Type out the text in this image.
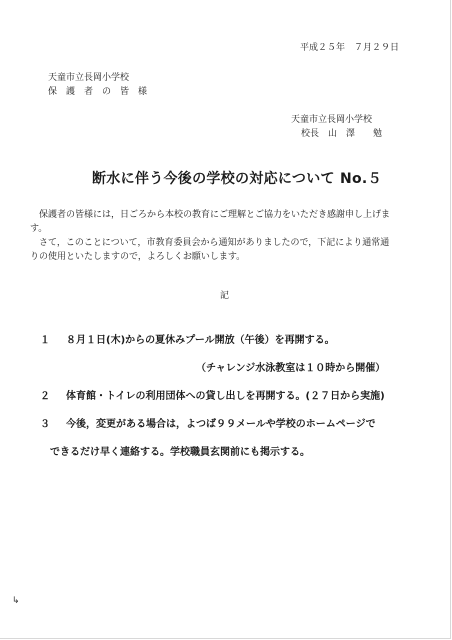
平成２５年　７月２９日
天童市立長岡小学校
保　護　者　の　皆　様
天童市立長岡小学校
校長　山　澤　　勉
断水に伴う今後の学校の対応について No.５
　保護者の皆様には，日ごろから本校の教育にご理解とご協力をいただき感謝申し上げま
す。
　さて，このことについて，市教育委員会から通知がありましたので，下記により通常通
りの使用といたしますので，よろしくお願いします。
記
１ ８月１日(木)からの夏休みプール開放（午後）を再開する。
（チャレンジ水泳教室は１０時から開催）
２ 体育館・トイレの利用団体への貸し出しを再開する。(２７日から実施)
３ 今後，変更がある場合は，よつば９９メールや学校のホームページで
できるだけ早く連絡する。学校職員玄関前にも掲示する。
↳
